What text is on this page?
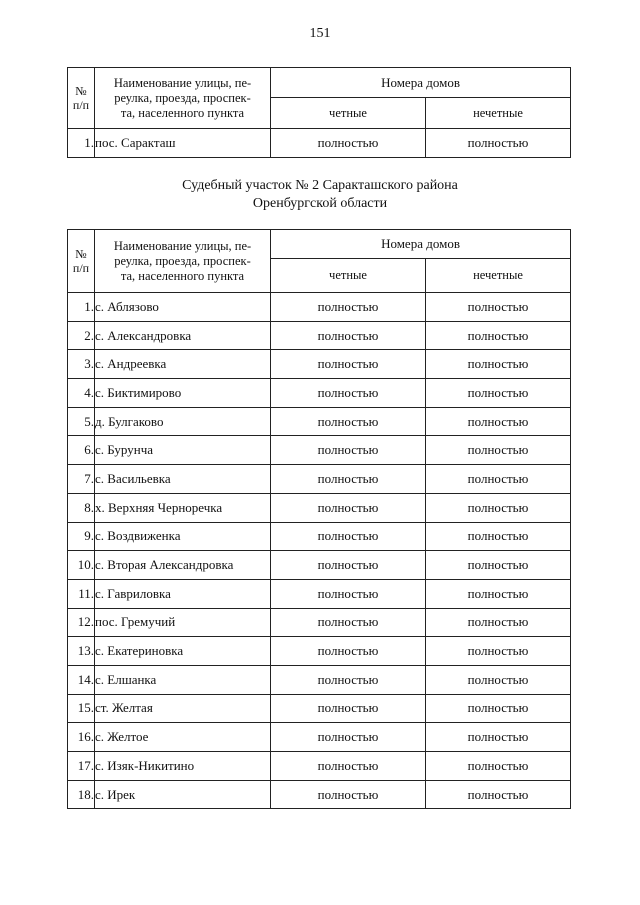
151
№
п/п	Наименование улицы, пе-
реулка, проезда, проспек-
та, населенного пункта	Номера домов	
		четные	нечетные
1.	пос. Саракташ	полностью	полностью
Судебный участок № 2 Саракташского района
Оренбургской области
№
п/п	Наименование улицы, пе-
реулка, проезда, проспек-
та, населенного пункта	Номера домов	
		четные	нечетные
1.	с. Аблязово	полностью	полностью
2.	с. Александровка	полностью	полностью
3.	с. Андреевка	полностью	полностью
4.	с. Биктимирово	полностью	полностью
5.	д. Булгаково	полностью	полностью
6.	с. Бурунча	полностью	полностью
7.	с. Васильевка	полностью	полностью
8.	х. Верхняя Чернoречка	полностью	полностью
9.	с. Воздвиженка	полностью	полностью
10.	с. Вторая Александровка	полностью	полностью
11.	с. Гавриловка	полностью	полностью
12.	пос. Гремучий	полностью	полностью
13.	с. Екатериновка	полностью	полностью
14.	с. Елшанка	полностью	полностью
15.	ст. Желтая	полностью	полностью
16.	с. Желтое	полностью	полностью
17.	с. Изяк-Никитино	полностью	полностью
18.	с. Ирек	полностью	полностью
